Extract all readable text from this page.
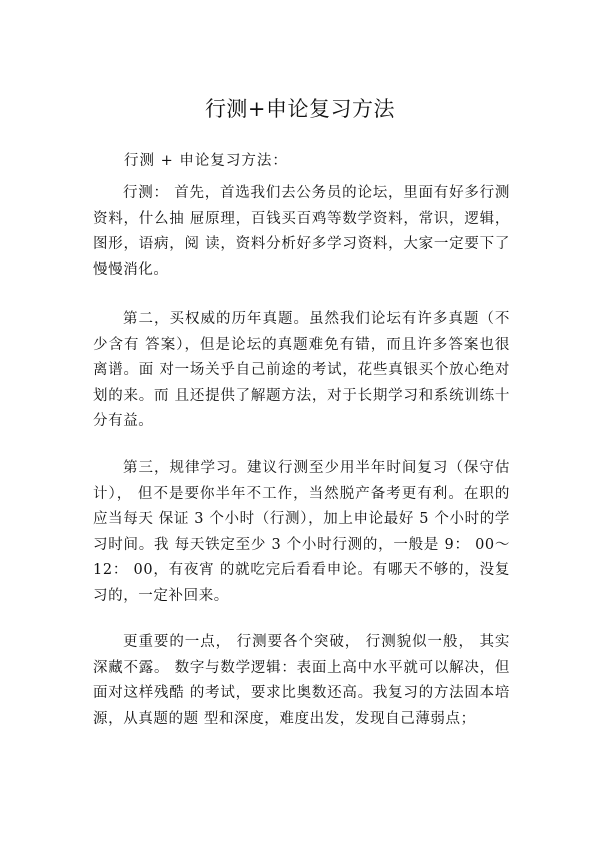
行测+申论复习方法

行测 + 申论复习方法：

行测： 首先，首选我们去公务员的论坛，里面有好多行测资料，什么抽 屉原理，百钱买百鸡等数学资料，常识，逻辑，图形，语病，阅 读，资料分析好多学习资料，大家一定要下了慢慢消化。

第二，买权威的历年真题。虽然我们论坛有许多真题（不少含有 答案），但是论坛的真题难免有错，而且许多答案也很离谱。面 对一场关乎自己前途的考试，花些真银买个放心绝对划的来。而 且还提供了解题方法，对于长期学习和系统训练十分有益。

第三，规律学习。建议行测至少用半年时间复习（保守估计）， 但不是要你半年不工作，当然脱产备考更有利。在职的应当每天 保证 3 个小时（行测），加上申论最好 5 个小时的学习时间。我 每天铁定至少 3 个小时行测的，一般是 9： 00～12： 00，有夜宵 的就吃完后看看申论。有哪天不够的，没复习的，一定补回来。

更重要的一点， 行测要各个突破， 行测貌似一般， 其实深藏不露。 数字与数学逻辑：表面上高中水平就可以解决，但面对这样残酷 的考试，要求比奥数还高。我复习的方法固本培源，从真题的题 型和深度，难度出发，发现自己薄弱点；
